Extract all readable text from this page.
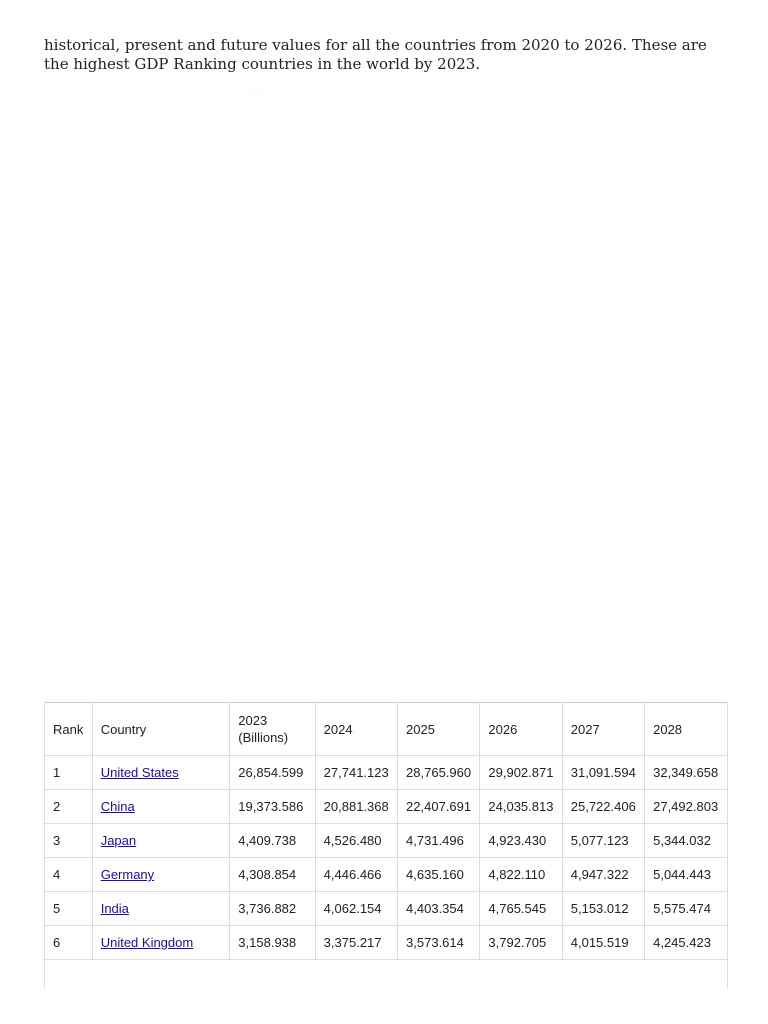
historical, present and future values for all the countries from 2020 to 2026. These are the highest GDP Ranking countries in the world by 2023.

· · · ·
Rank	Country	2023 (Billions)	2024	2025	2026	2027	2028
1	United States	26,854.599	27,741.123	28,765.960	29,902.871	31,091.594	32,349.658
2	China	19,373.586	20,881.368	22,407.691	24,035.813	25,722.406	27,492.803
3	Japan	4,409.738	4,526.480	4,731.496	4,923.430	5,077.123	5,344.032
4	Germany	4,308.854	4,446.466	4,635.160	4,822.110	4,947.322	5,044.443
5	India	3,736.882	4,062.154	4,403.354	4,765.545	5,153.012	5,575.474
6	United Kingdom	3,158.938	3,375.217	3,573.614	3,792.705	4,015.519	4,245.423
